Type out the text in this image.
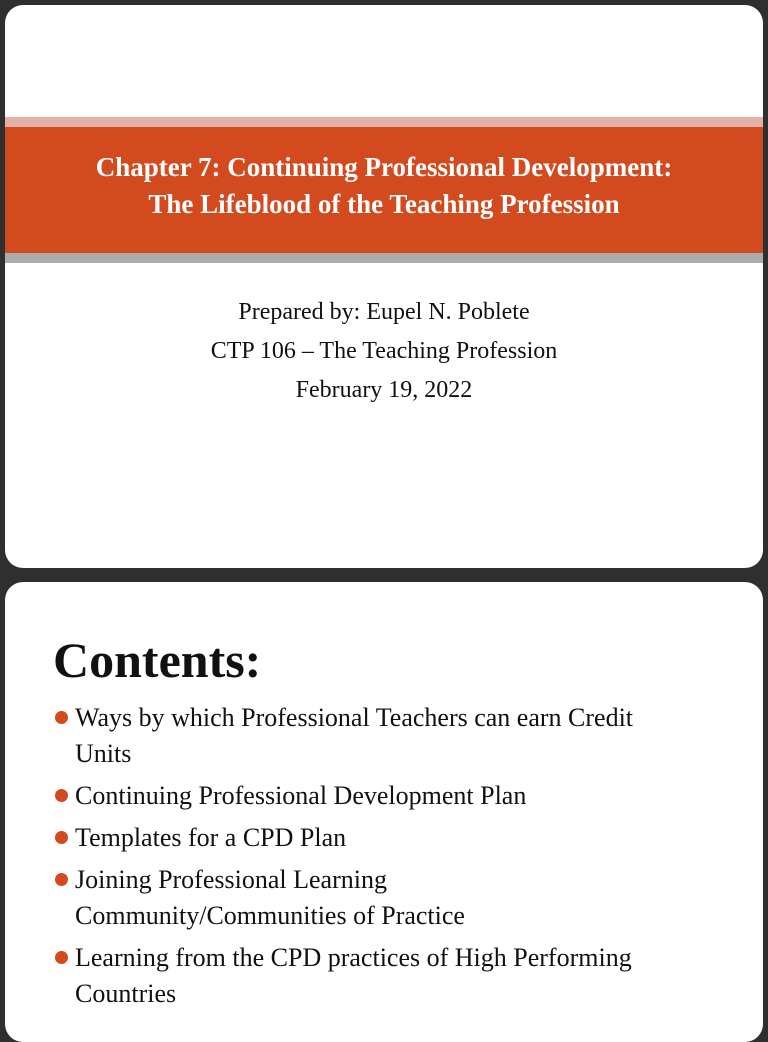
Chapter 7: Continuing Professional Development:
The Lifeblood of the Teaching Profession
Prepared by: Eupel N. Poblete
CTP 106 – The Teaching Profession
February 19, 2022
Contents:
Ways by which Professional Teachers can earn Credit
Units
Continuing Professional Development Plan
Templates for a CPD Plan
Joining Professional Learning
Community/Communities of Practice
Learning from the CPD practices of High Performing
Countries
